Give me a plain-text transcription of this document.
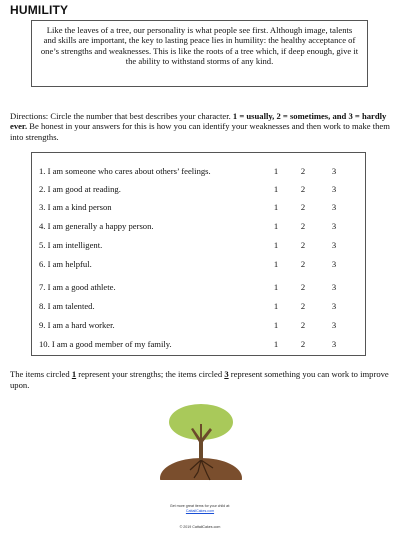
HUMILITY
Like the leaves of a tree, our personality is what people see first. Although image, talents and skills are important, the key to lasting peace lies in humility: the healthy acceptance of one’s strengths and weaknesses. This is like the roots of a tree which, if deep enough, give it the ability to withstand storms of any kind.
Directions: Circle the number that best describes your character. 1 = usually, 2 = sometimes, and 3 = hardly ever. Be honest in your answers for this is how you can identify your weaknesses and then work to make them into strengths.
1. I am someone who cares about others’ feelings.	1	2	3
2. I am good at reading.	1	2	3
3. I am a kind person	1	2	3
4. I am generally a happy person.	1	2	3
5. I am intelligent.	1	2	3
6. I am helpful.	1	2	3
7. I am a good athlete.	1	2	3
8. I am talented.	1	2	3
9. I am a hard worker.	1	2	3
10. I am a good member of my family.	1	2	3
The items circled 1 represent your strengths; the items circled 3 represent something you can work to improve upon.
Get more great items for your child at:
CattailCakes.com
© 2019 CattailCakes.com
